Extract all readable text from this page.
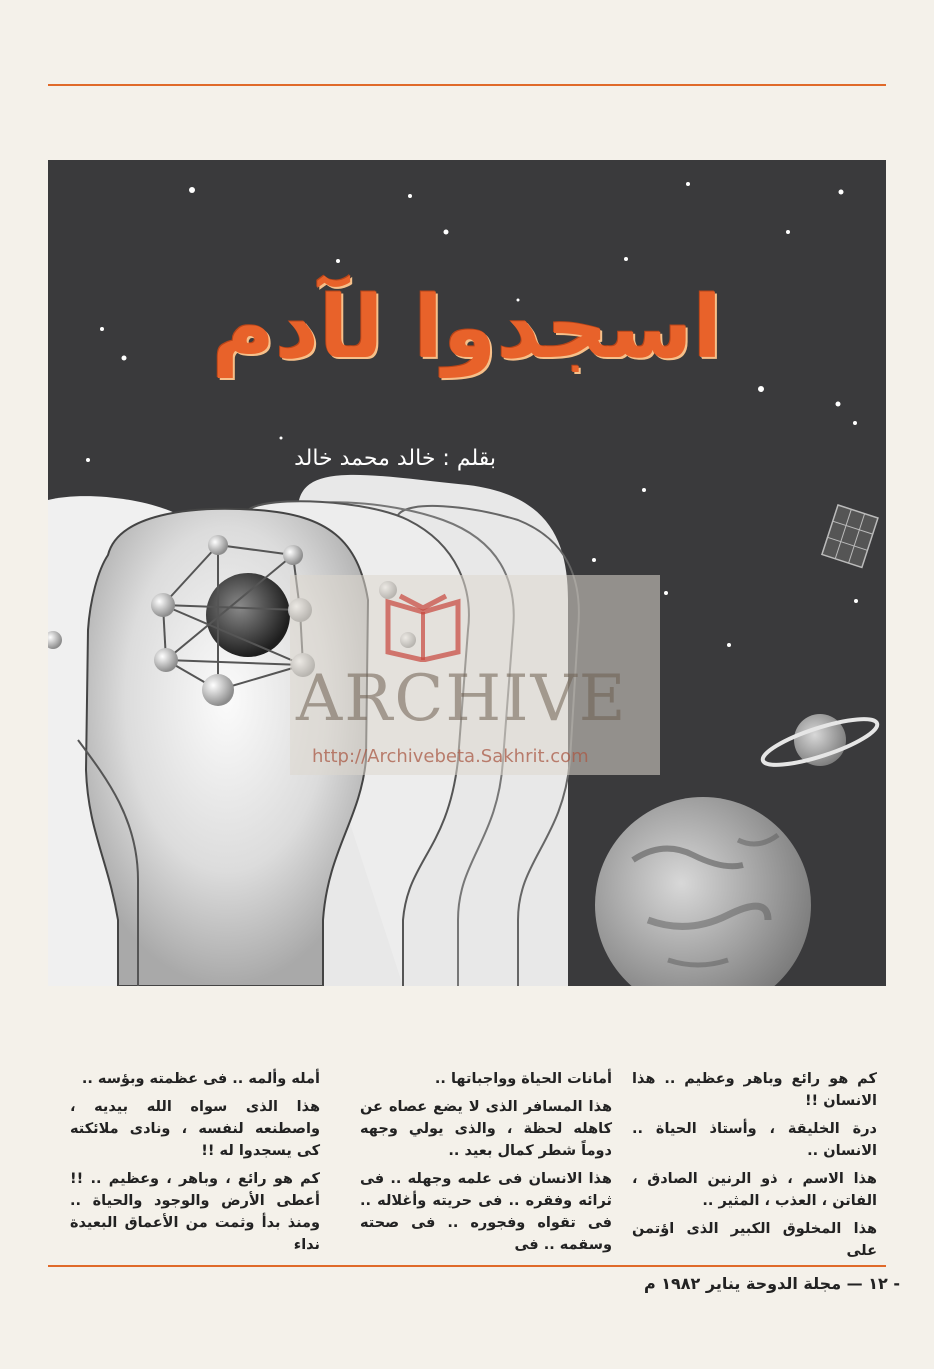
اسجدوا لآدم
بقلم : خالد محمد خالد
ARCHIVE
http://Archivebeta.Sakhrit.com

كم هو رائع وباهر وعظيم .. هذا الانسان !!

درة الخليقة ، وأستاذ الحياة .. الانسان ..

هذا الاسم ، ذو الرنين الصادق ، الفاتن ، العذب ، المثير ..

هذا المخلوق الكبير الذى اؤتمن على

أمانات الحياة وواجباتها ..

هذا المسافر الذى لا يضع عصاه عن كاهله لحظة ، والذى يولي وجهه دوماً شطر كمال بعيد ..

هذا الانسان فى علمه وجهله .. فى ثرائه وفقره .. فى حريته وأغلاله .. فى تقواه وفجوره .. فى صحته وسقمه .. فى

أمله وألمه .. فى عظمته وبؤسه ..

هذا الذى سواه الله بيديه ، واصطنعه لنفسه ، ونادى ملائكته كى يسجدوا له !!

كم هو رائع ، وباهر ، وعظيم .. !! أعطى الأرض والوجود والحياة .. ومنذ بدأ وثمت من الأعماق البعيدة نداء

- ١٢ — مجلة الدوحة يناير ١٩٨٢ م
